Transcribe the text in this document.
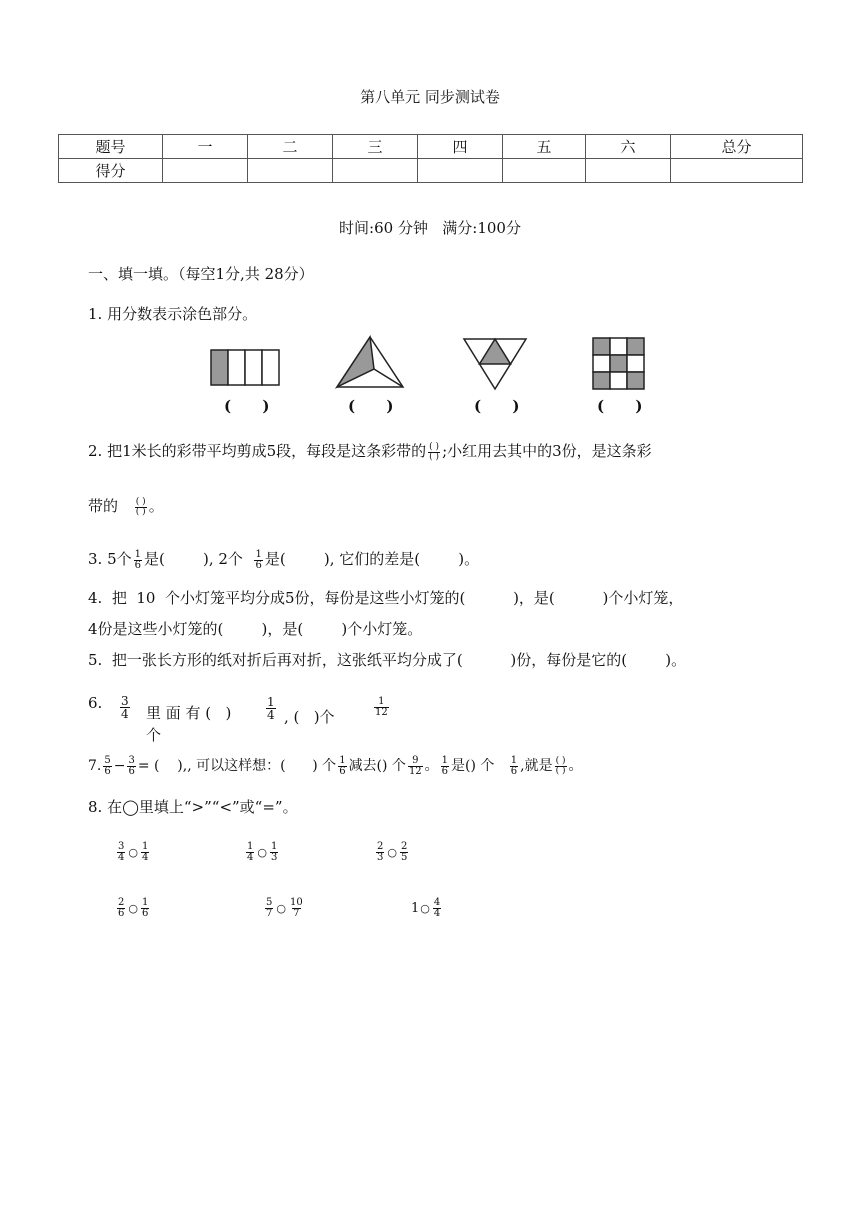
第八单元 同步测试卷
题号	一	二	三	四	五	六	总分
得分							
时间:60 分钟   满分:100分
一、填一填。（每空1分,共 28分）
1. 用分数表示涂色部分。
(      )	(      )	(      )	(      )
2. 把1米长的彩带平均剪成5段，每段是这条彩带的 $\frac{( )}{( )}$ ;小红用去其中的3份，是这条彩
带的 $\frac{( )}{( )}$ 。
3. 5个 $\frac{1}{6}$ 是(        ), 2个 $\frac{1}{6}$ 是(        ), 它们的差是(        )。
4.  把  10  个小灯笼平均分成5份，每份是这些小灯笼的(          )，是(          )个小灯笼，
4份是这些小灯笼的(        )，是(        )个小灯笼。
5.  把一张长方形的纸对折后再对折，这张纸平均分成了(          )份，每份是它的(        )。
6. $\frac{3}{4}$ 里 面 有 (   )
个
$\frac{1}{4}$ , (   )个	$\frac{1}{12}$
7. $\frac{5}{6} - \frac{3}{6}$ = (    ),, 可以这样想：(      ) 个 $\frac{1}{6}$ 减去() 个 $\frac{9}{12}$ 。 $\frac{1}{6}$ 是() 个 $\frac{1}{6}$ ,就是 $\frac{( )}{( )}$ 。
8. 在◯里填上“>”“<”或“=”。
$\frac{3}{4}$ ○ $\frac{1}{4}$	$\frac{1}{4}$ ○ $\frac{1}{3}$	$\frac{2}{3}$ ○ $\frac{2}{5}$
$\frac{2}{6}$ ○ $\frac{1}{6}$	$\frac{5}{7}$ ○ $\frac{10}{7}$	1 ○ $\frac{4}{4}$
